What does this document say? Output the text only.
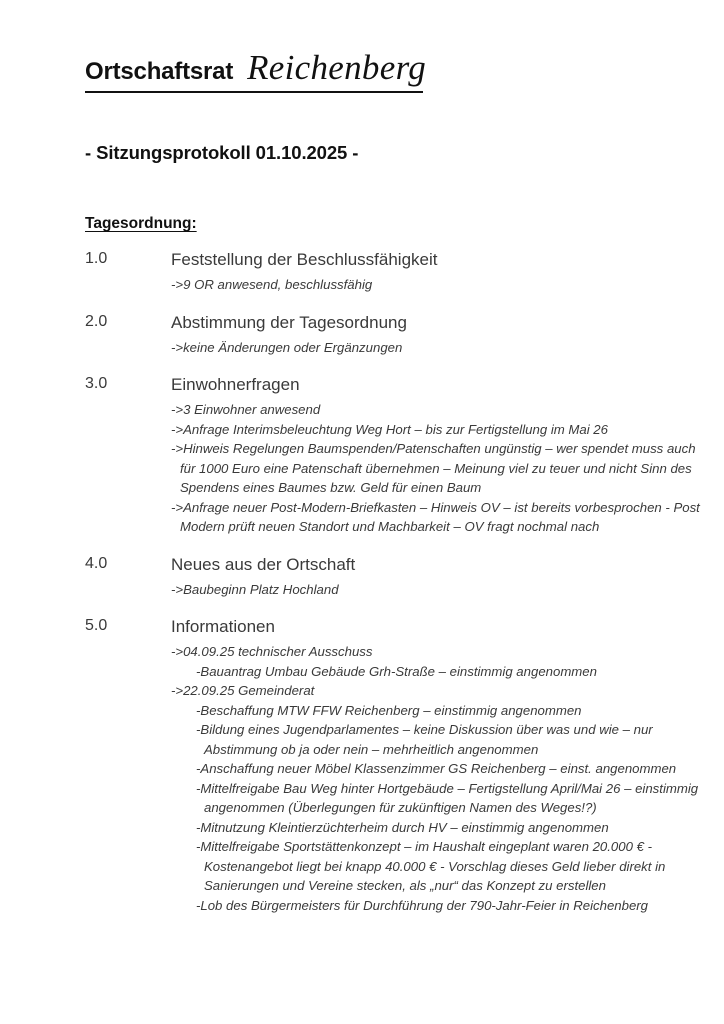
Ortschaftsrat Reichenberg
- Sitzungsprotokoll 01.10.2025 -
Tagesordnung:
1.0	Feststellung der Beschlussfähigkeit
->9 OR anwesend, beschlussfähig
2.0	Abstimmung der Tagesordnung
->keine Änderungen oder Ergänzungen
3.0	Einwohnerfragen
->3 Einwohner anwesend
->Anfrage Interimsbeleuchtung Weg Hort – bis zur Fertigstellung im Mai 26
->Hinweis Regelungen Baumspenden/Patenschaften ungünstig – wer spendet muss auch für 1000 Euro eine Patenschaft übernehmen – Meinung viel zu teuer und nicht Sinn des Spendens eines Baumes bzw. Geld für einen Baum
->Anfrage neuer Post-Modern-Briefkasten – Hinweis OV – ist bereits vorbesprochen - Post Modern prüft neuen Standort und Machbarkeit – OV fragt nochmal nach
4.0	Neues aus der Ortschaft
->Baubeginn Platz Hochland
5.0	Informationen
->04.09.25 technischer Ausschuss
-Bauantrag Umbau Gebäude Grh-Straße – einstimmig angenommen
->22.09.25 Gemeinderat
-Beschaffung MTW FFW Reichenberg – einstimmig angenommen
-Bildung eines Jugendparlamentes – keine Diskussion über was und wie – nur Abstimmung ob ja oder nein – mehrheitlich angenommen
-Anschaffung neuer Möbel Klassenzimmer GS Reichenberg – einst. angenommen
-Mittelfreigabe Bau Weg hinter Hortgebäude – Fertigstellung April/Mai 26 – einstimmig angenommen (Überlegungen für zukünftigen Namen des Weges!?)
-Mitnutzung Kleintierzüchterheim durch HV – einstimmig angenommen
-Mittelfreigabe Sportstättenkonzept – im Haushalt eingeplant waren 20.000 € - Kostenangebot liegt bei knapp 40.000 € - Vorschlag dieses Geld lieber direkt in Sanierungen und Vereine stecken, als „nur“ das Konzept zu erstellen
-Lob des Bürgermeisters für Durchführung der 790-Jahr-Feier in Reichenberg
